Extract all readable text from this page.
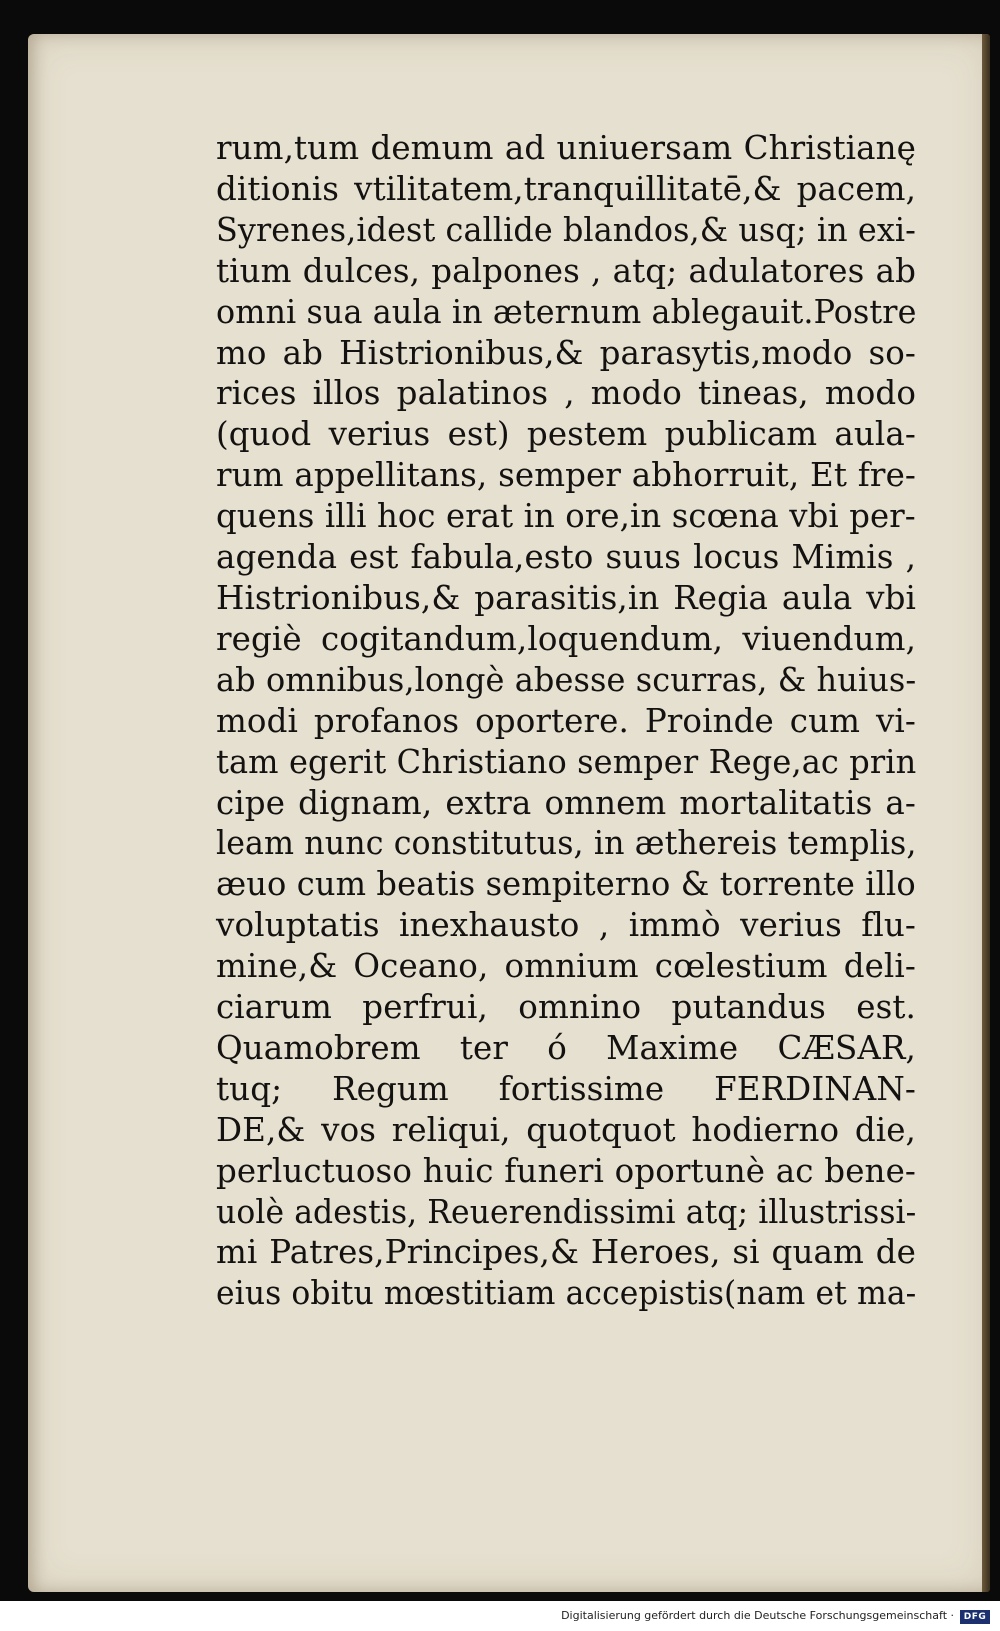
rum,tum demum ad uniuersam Christianę
ditionis vtilitatem,tranquillitatē,& pacem,
Syrenes,idest callide blandos,& usq; in exi-
tium dulces, palpones , atq; adulatores ab
omni sua aula in æternum ablegauit.Postre
mo ab Histrionibus,& parasytis,modo so-
rices illos palatinos , modo tineas, modo
(quod verius est) pestem publicam aula-
rum appellitans, semper abhorruit, Et fre-
quens illi hoc erat in ore,in scœna vbi per-
agenda est fabula,esto suus locus Mimis ,
Histrionibus,& parasitis,in Regia aula vbi
regiè cogitandum,loquendum, viuendum,
ab omnibus,longè abesse scurras, & huius-
modi profanos oportere. Proinde cum vi-
tam egerit Christiano semper Rege,ac prin
cipe dignam, extra omnem mortalitatis a-
leam nunc constitutus, in æthereis templis,
æuo cum beatis sempiterno & torrente illo
voluptatis inexhausto , immò verius flu-
mine,& Oceano, omnium cœlestium deli-
ciarum perfrui, omnino putandus est.
Quamobrem ter ó Maxime CÆSAR,
tuq; Regum fortissime FERDINAN-
DE,& vos reliqui, quotquot hodierno die,
perluctuoso huic funeri oportunè ac bene-
uolè adestis, Reuerendissimi atq; illustrissi-
mi Patres,Principes,& Heroes, si quam de
eius obitu mœstitiam accepistis(nam et ma-
Digitalisierung gefördert durch die Deutsche Forschungsgemeinschaft ·	DFG
